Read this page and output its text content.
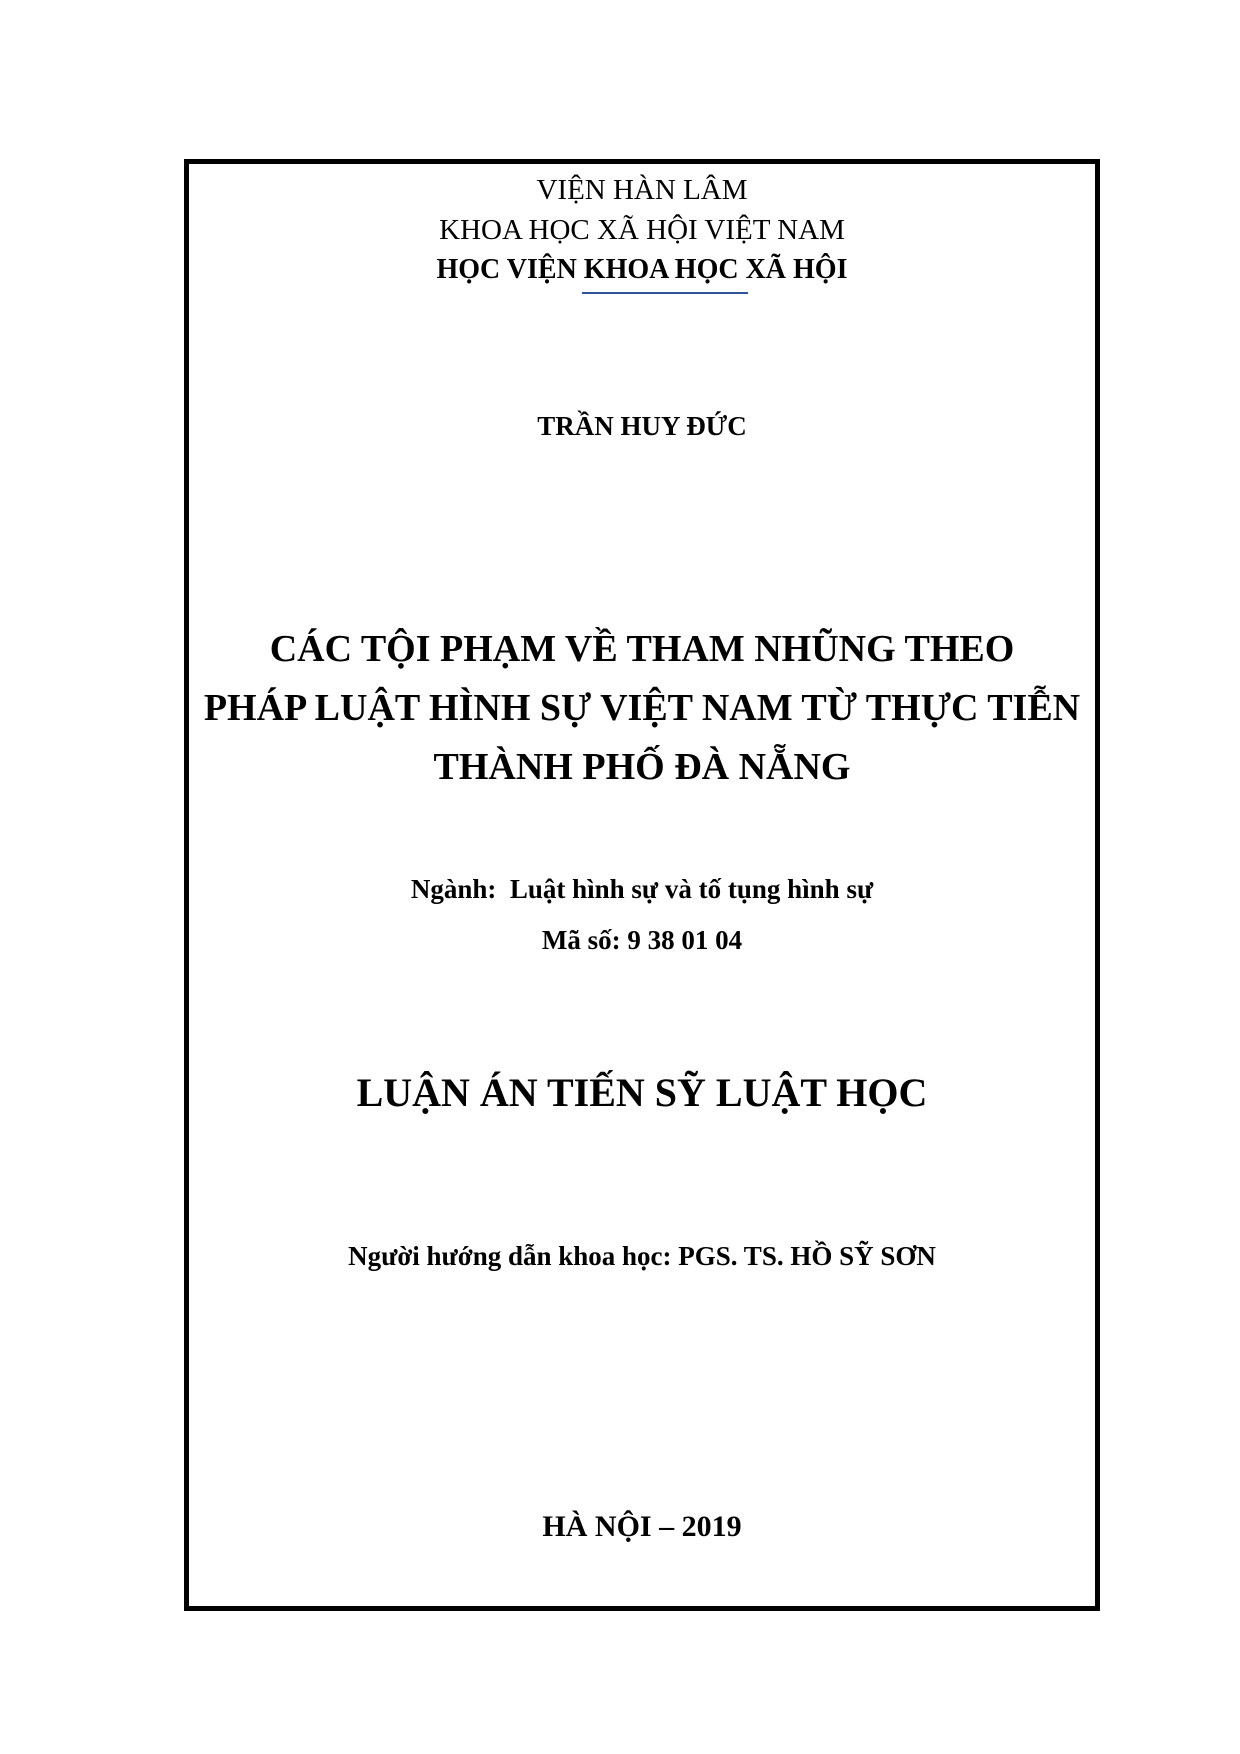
VIỆN HÀN LÂM
KHOA HỌC XÃ HỘI VIỆT NAM
HỌC VIỆN KHOA HỌC XÃ HỘI
TRẦN HUY ĐỨC
CÁC TỘI PHẠM VỀ THAM NHŨNG THEO
PHÁP LUẬT HÌNH SỰ VIỆT NAM TỪ THỰC TIỄN
THÀNH PHỐ ĐÀ NẴNG
Ngành: Luật hình sự và tố tụng hình sự
Mã số: 9 38 01 04
LUẬN ÁN TIẾN SỸ LUẬT HỌC
Người hướng dẫn khoa học: PGS. TS. HỒ SỸ SƠN
HÀ NỘI – 2019
